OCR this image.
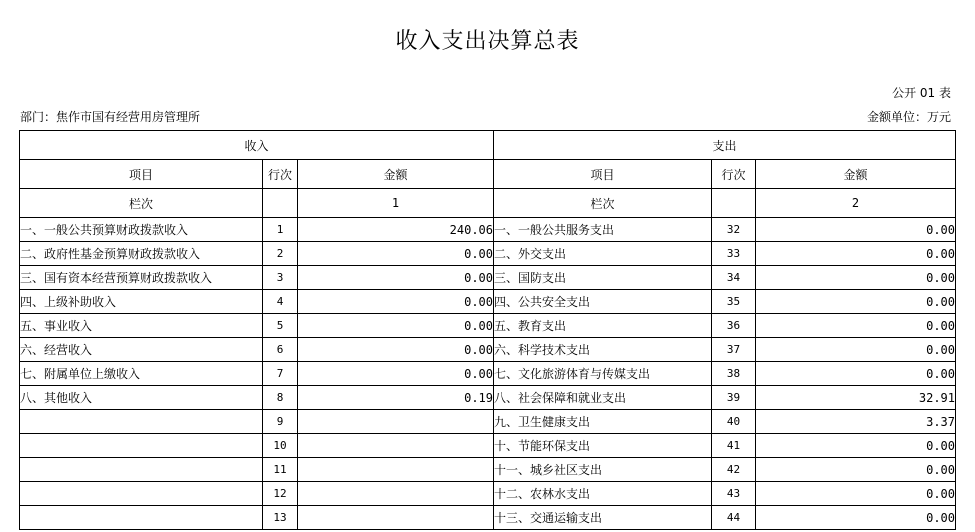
收入支出决算总表
公开 01 表
部门：焦作市国有经营用房管理所	金额单位：万元
收入			支出		
项目	行次	金额	项目	行次	金额
栏次		1	栏次		2
一、一般公共预算财政拨款收入	1	240.06	一、一般公共服务支出	32	0.00
二、政府性基金预算财政拨款收入	2	0.00	二、外交支出	33	0.00
三、国有资本经营预算财政拨款收入	3	0.00	三、国防支出	34	0.00
四、上级补助收入	4	0.00	四、公共安全支出	35	0.00
五、事业收入	5	0.00	五、教育支出	36	0.00
六、经营收入	6	0.00	六、科学技术支出	37	0.00
七、附属单位上缴收入	7	0.00	七、文化旅游体育与传媒支出	38	0.00
八、其他收入	8	0.19	八、社会保障和就业支出	39	32.91
	9		九、卫生健康支出	40	3.37
	10		十、节能环保支出	41	0.00
	11		十一、城乡社区支出	42	0.00
	12		十二、农林水支出	43	0.00
	13		十三、交通运输支出	44	0.00
